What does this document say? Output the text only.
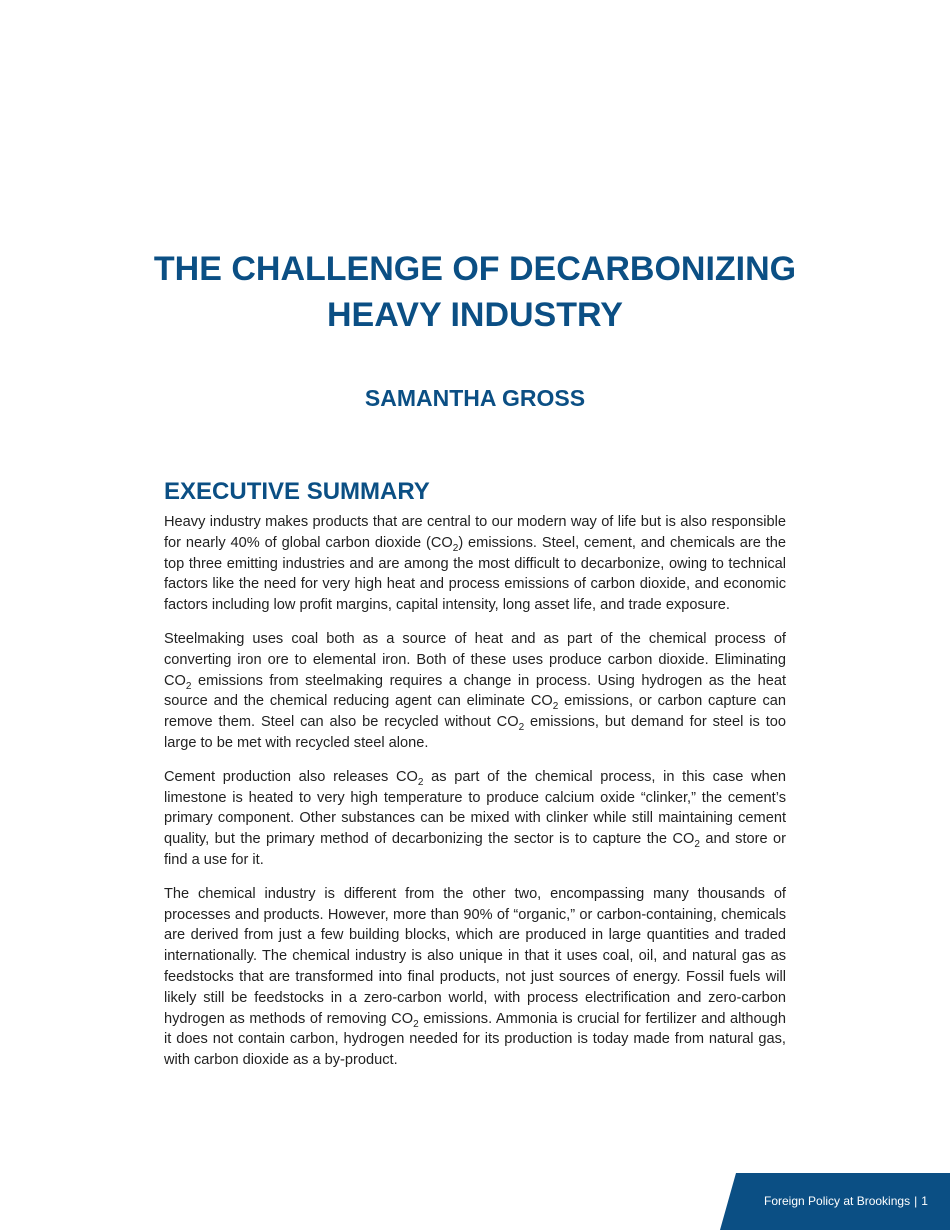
THE CHALLENGE OF DECARBONIZING
HEAVY INDUSTRY
SAMANTHA GROSS
EXECUTIVE SUMMARY

Heavy industry makes products that are central to our modern way of life but is also responsible for nearly 40% of global carbon dioxide $(CO_2)$ emissions. Steel, cement, and chemicals are the top three emitting industries and are among the most difficult to decarbonize, owing to technical factors like the need for very high heat and process emissions of carbon dioxide, and economic factors including low profit margins, capital intensity, long asset life, and trade exposure.

Steelmaking uses coal both as a source of heat and as part of the chemical process of converting iron ore to elemental iron. Both of these uses produce carbon dioxide. Eliminating $CO_2$ emissions from steelmaking requires a change in process. Using hydrogen as the heat source and the chemical reducing agent can eliminate $CO_2$ emissions, or carbon capture can remove them. Steel can also be recycled without $CO_2$ emissions, but demand for steel is too large to be met with recycled steel alone.

Cement production also releases $CO_2$ as part of the chemical process, in this case when limestone is heated to very high temperature to produce calcium oxide “clinker,” the cement’s primary component. Other substances can be mixed with clinker while still maintaining cement quality, but the primary method of decarbonizing the sector is to capture the $CO_2$ and store or find a use for it.

The chemical industry is different from the other two, encompassing many thousands of processes and products. However, more than 90% of “organic,” or carbon-containing, chemicals are derived from just a few building blocks, which are produced in large quantities and traded internationally. The chemical industry is also unique in that it uses coal, oil, and natural gas as feedstocks that are transformed into final products, not just sources of energy. Fossil fuels will likely still be feedstocks in a zero-carbon world, with process electrification and zero-carbon hydrogen as methods of removing $CO_2$ emissions. Ammonia is crucial for fertilizer and although it does not contain carbon, hydrogen needed for its production is today made from natural gas, with carbon dioxide as a by-product.

Foreign Policy at Brookings | 1
